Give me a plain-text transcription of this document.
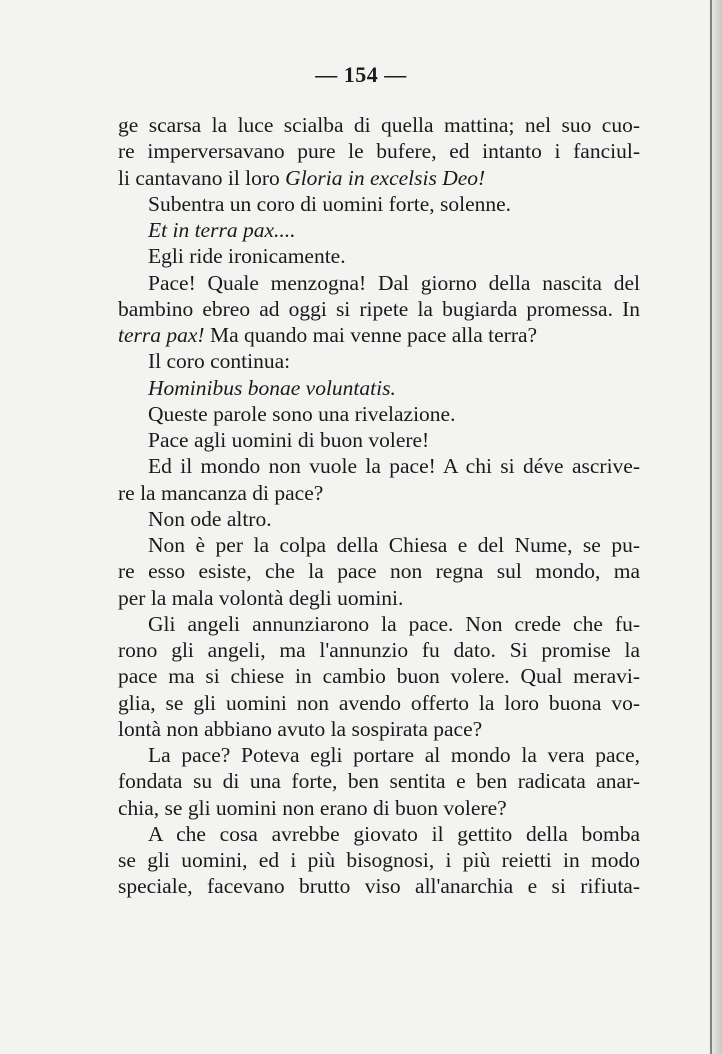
— 154 —
ge scarsa la luce scialba di quella mattina; nel suo cuo-
re imperversavano pure le bufere, ed intanto i fanciul-
li cantavano il loro Gloria in excelsis Deo!
Subentra un coro di uomini forte, solenne.
Et in terra pax....
Egli ride ironicamente.
Pace! Quale menzogna! Dal giorno della nascita del
bambino ebreo ad oggi si ripete la bugiarda promessa. In
terra pax! Ma quando mai venne pace alla terra?
Il coro continua:
Hominibus bonae voluntatis.
Queste parole sono una rivelazione.
Pace agli uomini di buon volere!
Ed il mondo non vuole la pace! A chi si déve ascrive-
re la mancanza di pace?
Non ode altro.
Non è per la colpa della Chiesa e del Nume, se pu-
re esso esiste, che la pace non regna sul mondo, ma
per la mala volontà degli uomini.
Gli angeli annunziarono la pace. Non crede che fu-
rono gli angeli, ma l'annunzio fu dato. Si promise la
pace ma si chiese in cambio buon volere. Qual meravi-
glia, se gli uomini non avendo offerto la loro buona vo-
lontà non abbiano avuto la sospirata pace?
La pace? Poteva egli portare al mondo la vera pace,
fondata su di una forte, ben sentita e ben radicata anar-
chia, se gli uomini non erano di buon volere?
A che cosa avrebbe giovato il gettito della bomba
se gli uomini, ed i più bisognosi, i più reietti in modo
speciale, facevano brutto viso all'anarchia e si rifiuta-
